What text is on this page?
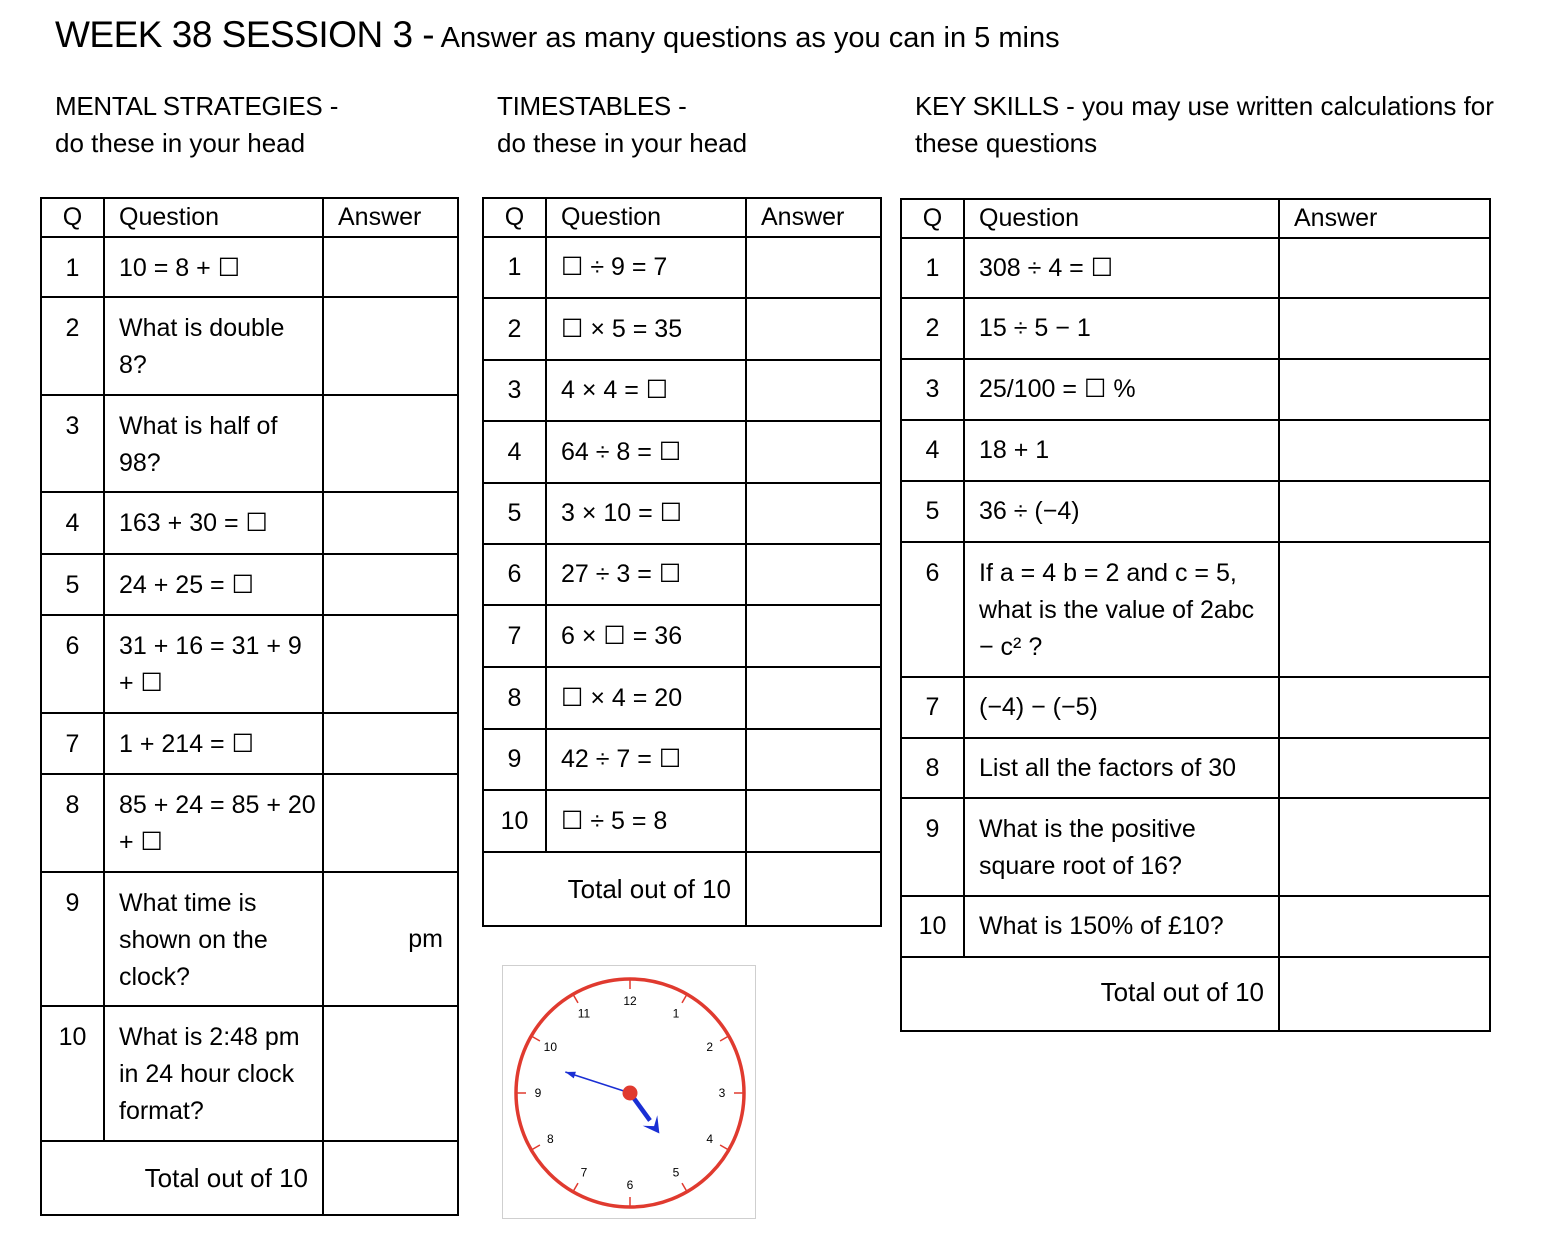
WEEK 38 SESSION 3 - Answer as many questions as you can in 5 mins
MENTAL STRATEGIES -
do these in your head
TIMESTABLES -
do these in your head
KEY SKILLS - you may use written calculations for
these questions
Q	Question	Answer
1	10 = 8 + ☐	
2	What is double 8?	
3	What is half of 98?	
4	163 + 30 = ☐	
5	24 + 25 = ☐	
6	31 + 16 = 31 + 9 + ☐	
7	1 + 214 = ☐	
8	85 + 24 = 85 + 20 + ☐	
9	What time is shown on the clock?	pm
10	What is 2:48 pm in 24 hour clock format?	
Total out of 10		
Q	Question	Answer
1	☐ ÷ 9 = 7	
2	☐ × 5 = 35	
3	4 × 4 = ☐	
4	64 ÷ 8 = ☐	
5	3 × 10 = ☐	
6	27 ÷ 3 = ☐	
7	6 × ☐ = 36	
8	☐ × 4 = 20	
9	42 ÷ 7 = ☐	
10	☐ ÷ 5 = 8	
Total out of 10		
Q	Question	Answer
1	308 ÷ 4 = ☐	
2	15 ÷ 5 − 1	
3	25/100 = ☐ %	
4	18 + 1	
5	36 ÷ (−4)	
6	If a = 4 b = 2 and c = 5, what is the value of 2abc − c² ?	
7	(−4) − (−5)	
8	List all the factors of 30	
9	What is the positive square root of 16?	
10	What is 150% of £10?	
Total out of 10		
12
1
2
3
4
5
6
7
8
9
10
11
